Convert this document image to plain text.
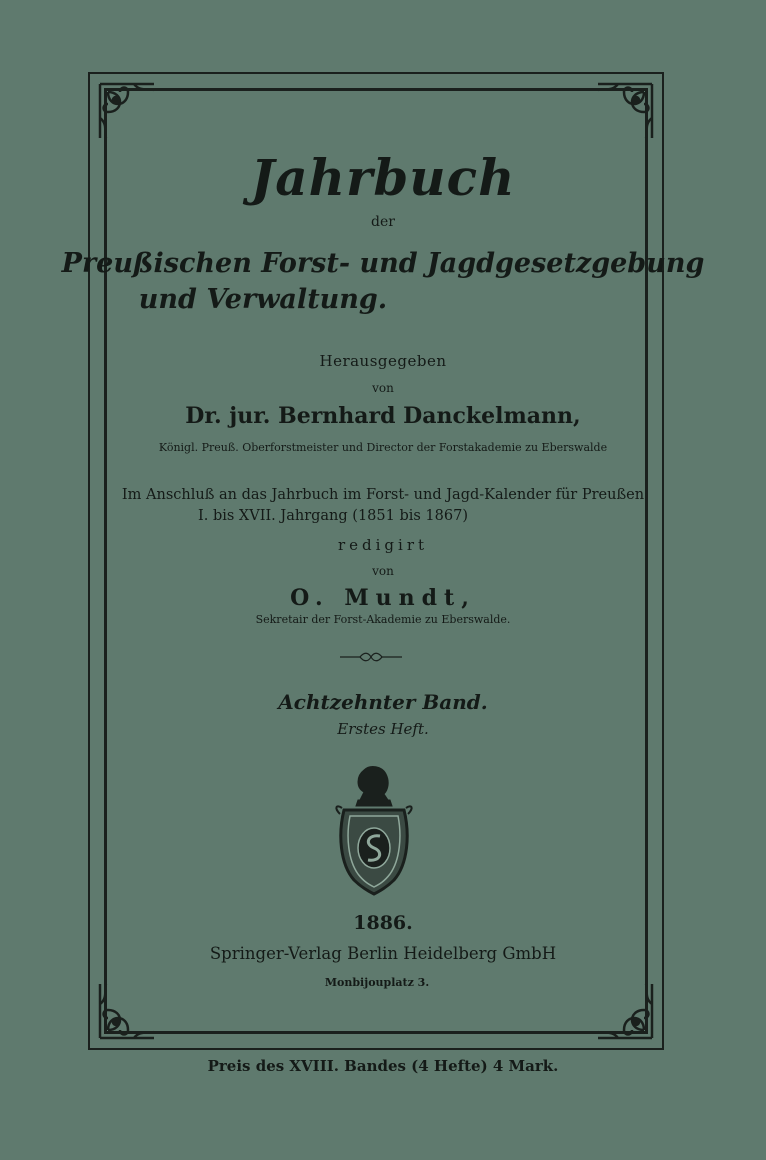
Jahrbuch
der
Preußischen Forst- und Jagdgesetzgebung
und Verwaltung.
Herausgegeben
von
Dr. jur. Bernhard Danckelmann,
Königl. Preuß. Oberforstmeister und Director der Forstakademie zu Eberswalde
Im Anschluß an das Jahrbuch im Forst- und Jagd-Kalender für Preußen
I. bis XVII. Jahrgang (1851 bis 1867)
redigirt
von
O. Mundt,
Sekretair der Forst-Akademie zu Eberswalde.
Achtzehnter Band.
Erstes Heft.
1886.
Springer-Verlag Berlin Heidelberg GmbH
Monbijouplatz 3.
Preis des XVIII. Bandes (4 Hefte) 4 Mark.
